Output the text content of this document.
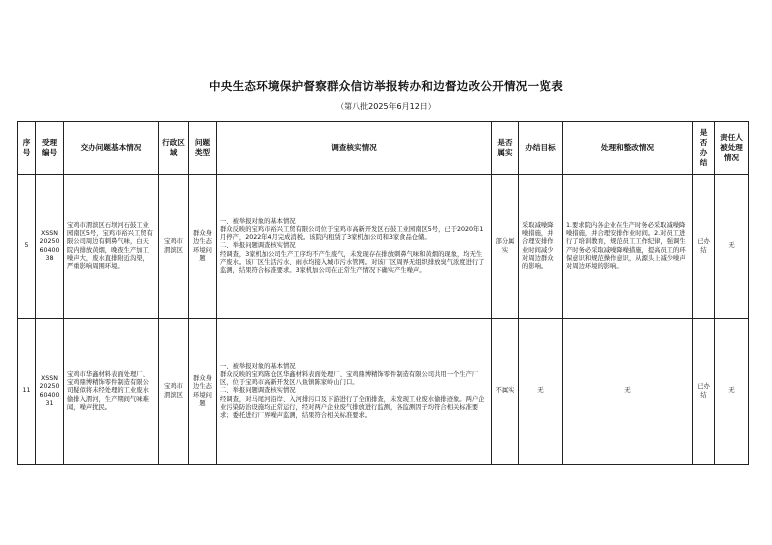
中央生态环境保护督察群众信访举报转办和边督边改公开情况一览表
（第八批2025年6月12日）
序号	受理编号	交办问题基本情况	行政区域	问题类型	调查核实情况	是否属实	办结目标	处理和整改情况	是否办结	责任人被处理情况
5	XSSN202506040038	宝鸡市渭滨区石坝河石鼓工业园南区5号，宝鸡市裕兴工贸有限公司周边有刺鼻气味，白天院内排放黄烟，晚夜生产加工噪声大，废水直排附近沟渠，严重影响周围环境。	宝鸡市渭滨区	群众身边生态环境问题	一、被举报对象的基本情况
群众反映的宝鸡市裕兴工贸有限公司位于宝鸡市高新开发区石鼓工业园南区5号，已于2020年1月停产，2022年4月完成消税。该院内租赁了3家机加公司和3家食品仓储。
二、举报问题调查核实情况
经调查，3家机加公司生产工序均不产生废气，未发现存在排放刺鼻气味和黄烟的现象，均无生产废水。该厂区生活污水、雨水均接入城市污水管网。对该厂区周界无组织排放臭气浓度进行了监测，结果符合标准要求。3家机加公司在正常生产情况下确实产生噪声。	部分属实	采取减噪降噪措施，并合理安排作业时间减少对周边群众的影响。	1.要求院内各企业在生产时务必采取减噪降噪措施，并合理安排作业时间。2.对员工进行了培训教育，规范员工工作纪律，强调生产时务必采取减噪降噪措施，提高员工的环保意识和规范操作意识，从源头上减少噪声对周边环境的影响。	已办结	无
11	XSSN202506040031	宝鸡市华鑫材料表面处理厂、宝鸡鼎博精饰零件制造有限公司疑似将未经处理的工业废水偷排入渭河，生产期间气味难闻，噪声扰民。	宝鸡市渭滨区	群众身边生态环境问题	一、被举报对象的基本情况
群众反映的宝鸡陈仓区华鑫材料表面处理厂、宝鸡鼎博精饰零件制造有限公司共用一个生产厂区，位于宝鸡市高新开发区八鱼镇陈家岭山门口。
二、举报问题调查核实情况
经调查，对马尾河沿岸、入河排污口及下游进行了全面排查，未发现工业废水偷排迹象。两户企业污染防治设施均正常运行，经对两户企业废气排放进行监测，各监测因子均符合相关标准要求；委托进行厂界噪声监测，结果符合相关标准要求。	不属实	无	无	已办结	无
